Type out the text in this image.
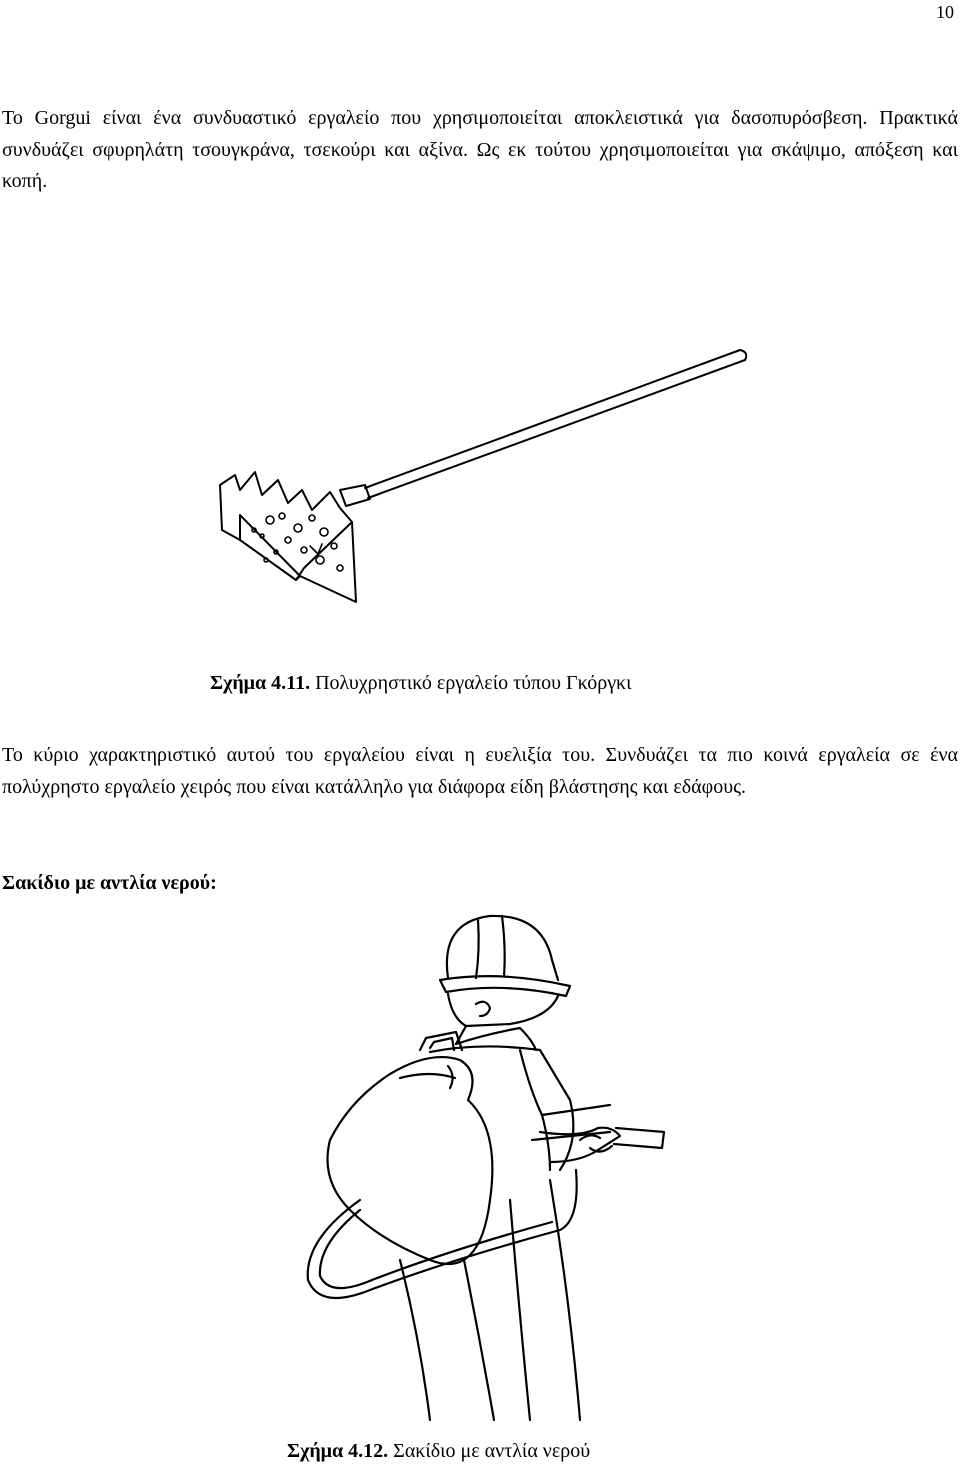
10

Το Gorgui είναι ένα συνδυαστικό εργαλείο που χρησιμοποιείται αποκλειστικά για δασοπυρόσβεση. Πρακτικά συνδυάζει σφυρηλάτη τσουγκράνα, τσεκούρι και αξίνα. Ως εκ τούτου χρησιμοποιείται για σκάψιμο, απόξεση και κοπή.

Σχήμα 4.11. Πολυχρηστικό εργαλείο τύπου Γκόργκι

Το κύριο χαρακτηριστικό αυτού του εργαλείου είναι η ευελιξία του. Συνδυάζει τα πιο κοινά εργαλεία σε ένα πολύχρηστο εργαλείο χειρός που είναι κατάλληλο για διάφορα είδη βλάστησης και εδάφους.

Σακίδιο με αντλία νερού:
Σχήμα 4.12. Σακίδιο με αντλία νερού
